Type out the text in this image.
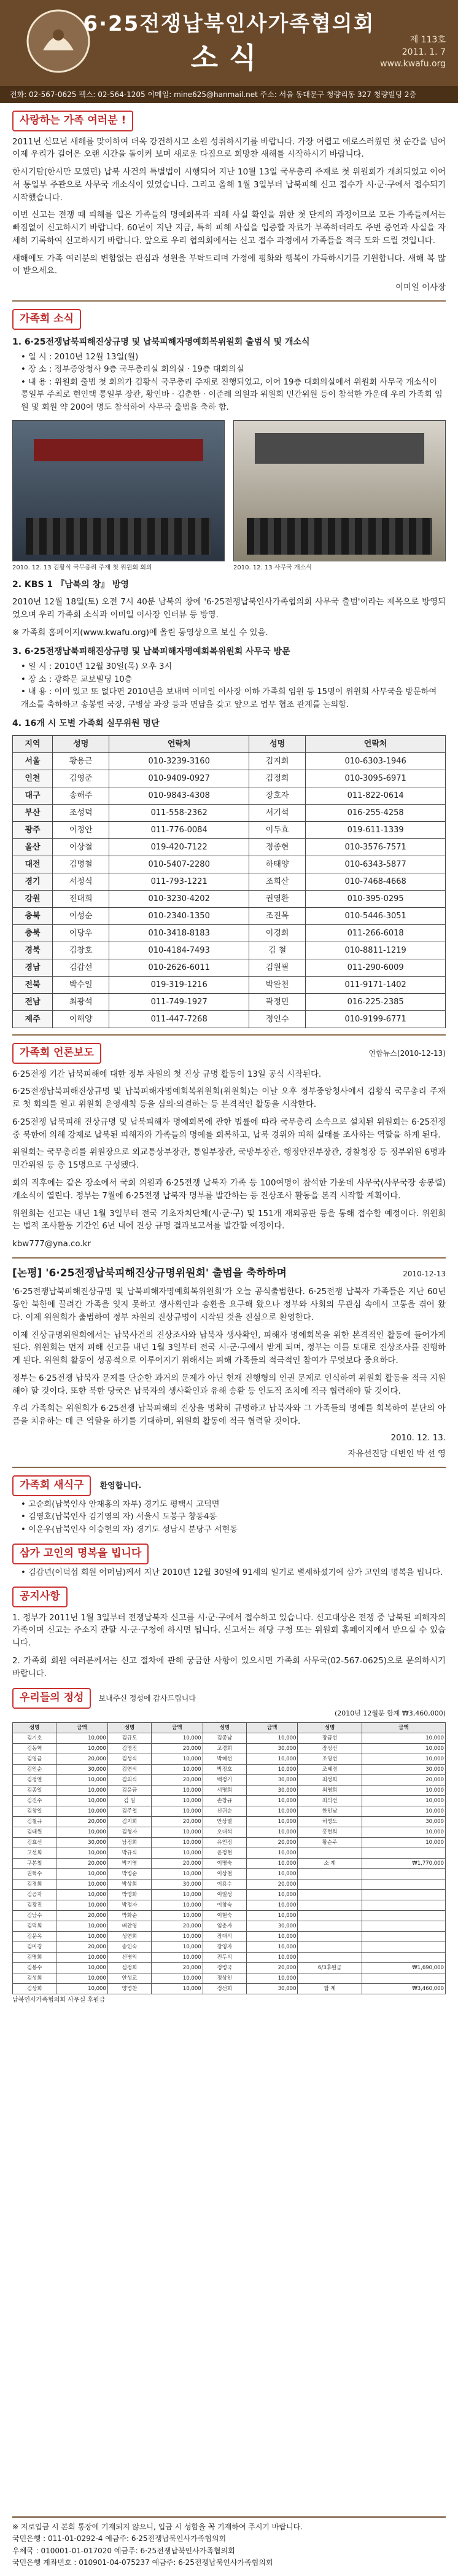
6·25전쟁납북인사가족협의회
소식
제 113호
2011. 1. 7
www.kwafu.org
전화: 02-567-0625 팩스: 02-564-1205 이메일: mine625@hanmail.net 주소: 서울 동대문구 청량리동 327 청량빌딩 2층
사랑하는 가족 여러분 !

2011년 신묘년 새해를 맞이하여 더욱 강건하시고 소원 성취하시기를 바랍니다. 가장 어렵고 애로스러웠던 첫 순간을 넘어 이제 우리가 걸어온 오랜 시간을 돌이켜 보며 새로운 다짐으로 희망찬 새해를 시작하시기 바랍니다.

한시기탐(한시만 모였던) 납북 사건의 특별법이 시행되어 지난 10월 13일 국무총리 주재로 첫 위원회가 개최되었고 이어서 통일부 주관으로 사무국 개소식이 있었습니다. 그리고 올해 1월 3일부터 납북피해 신고 접수가 시·군·구에서 접수되기 시작했습니다.

이번 신고는 전쟁 때 피해를 입은 가족들의 명예회복과 피해 사실 확인을 위한 첫 단계의 과정이므로 모든 가족들께서는 빠짐없이 신고하시기 바랍니다. 60년이 지난 지금, 특히 피해 사실을 입증할 자료가 부족하더라도 주변 증언과 사실을 자세히 기록하여 신고하시기 바랍니다. 앞으로 우리 협의회에서는 신고 접수 과정에서 가족들을 적극 도와 드릴 것입니다.

새해에도 가족 여러분의 변함없는 관심과 성원을 부탁드리며 가정에 평화와 행복이 가득하시기를 기원합니다. 새해 복 많이 받으세요.

이미일 이사장
가족회 소식
1. 6·25전쟁납북피해진상규명 및 납북피해자명예회복위원회 출범식 및 개소식
• 일 시 : 2010년 12월 13일(월)
• 장 소 : 정부중앙청사 9층 국무총리실 회의실 · 19층 대회의실
• 내 용 : 위원회 출범 첫 회의가 김황식 국무총리 주재로 진행되었고, 이어 19층 대회의실에서 위원회 사무국 개소식이 통일부 주최로 현인택 통일부 장관, 황인바 · 김춘한 · 이준례 의원과 위원회 민간위원 등이 참석한 가운데 우리 가족회 임원 및 회원 약 200여 명도 참석하여 사무국 출범을 축하 함.
2010. 12. 13 김황식 국무총리 주재 첫 위원회 회의	2010. 12. 13 사무국 개소식
2. KBS 1 『남북의 창』 방영

2010년 12월 18일(토) 오전 7시 40분 남북의 창에 '6·25전쟁납북인사가족협의회 사무국 출범'이라는 제목으로 방영되었으며 우리 가족회 소식과 이미일 이사장 인터뷰 등 방영.

※ 가족회 홈페이지(www.kwafu.org)에 올린 동영상으로 보실 수 있음.

3. 6·25전쟁납북피해진상규명 및 납북피해자명예회복위원회 사무국 방문
• 일 시 : 2010년 12월 30일(목) 오후 3시
• 장 소 : 광화문 교보빌딩 10층
• 내 용 : 이미 있고 또 없다면 2010년을 보내며 이미일 이사장 이하 가족회 임원 등 15명이 위원회 사무국을 방문하여 개소를 축하하고 송봉렬 국장, 구병삼 과장 등과 면담을 갖고 앞으로 업무 협조 관계를 논의함.
4. 16개 시 도별 가족회 실무위원 명단
지역	성명	연락처	성명	연락처
서울	황용근	010-3239-3160	김지희	010-6303-1946
인천	김영준	010-9409-0927	김정희	010-3095-6971
대구	송해주	010-9843-4308	장호자	011-822-0614
부산	조성덕	011-558-2362	서기석	016-255-4258
광주	이정안	011-776-0084	이두효	019-611-1339
울산	이상철	019-420-7122	정종현	010-3576-7571
대전	김명철	010-5407-2280	하태양	010-6343-5877
경기	서정식	011-793-1221	조희산	010-7468-4668
강원	전대희	010-3230-4202	권영환	010-395-0295
충북	이성순	010-2340-1350	조진목	010-5446-3051
충북	이당우	010-3418-8183	이경희	011-266-6018
경북	김창호	010-4184-7493	김 철	010-8811-1219
경남	김갑선	010-2626-6011	김원필	011-290-6009
전북	박수일	019-319-1216	박완천	011-9171-1402
전남	최광석	011-749-1927	곽정민	016-225-2385
제주	이해양	011-447-7268	정인수	010-9199-6771
가족회 언론보도	연합뉴스(2010-12-13)

6·25전쟁 기간 납북피해에 대한 정부 차원의 첫 진상 규명 활동이 13일 공식 시작된다.

6·25전쟁납북피해진상규명 및 납북피해자명예회복위원회(위원회)는 이날 오후 정부중앙청사에서 김황식 국무총리 주재로 첫 회의를 열고 위원회 운영세칙 등을 심의·의결하는 등 본격적인 활동을 시작한다.

6·25전쟁 납북피해 진상규명 및 납북피해자 명예회복에 관한 법률에 따라 국무총리 소속으로 설치된 위원회는 6·25전쟁 중 북한에 의해 강제로 납북된 피해자와 가족들의 명예를 회복하고, 납북 경위와 피해 실태를 조사하는 역할을 하게 된다.

위원회는 국무총리를 위원장으로 외교통상부장관, 통일부장관, 국방부장관, 행정안전부장관, 경찰청장 등 정부위원 6명과 민간위원 등 총 15명으로 구성됐다.

회의 직후에는 같은 장소에서 국회 의원과 6·25전쟁 납북자 가족 등 100여명이 참석한 가운데 사무국(사무국장 송봉렬) 개소식이 열린다. 정부는 7월에 6·25전쟁 납북자 명부를 발간하는 등 진상조사 활동을 본격 시작할 계획이다.

위원회는 신고는 내년 1월 3일부터 전국 기초자치단체(시·군·구) 및 151개 재외공관 등을 통해 접수할 예정이다. 위원회는 법적 조사활동 기간인 6년 내에 진상 규명 결과보고서를 발간할 예정이다.

kbw777@yna.co.kr

[논평] '6·25전쟁납북피해진상규명위원회' 출범을 축하하며	2010-12-13

'6·25전쟁납북피해진상규명 및 납북피해자명예회복위원회'가 오늘 공식출범한다. 6·25전쟁 납북자 가족들은 지난 60년 동안 북한에 끌려간 가족을 잊지 못하고 생사확인과 송환을 요구해 왔으나 정부와 사회의 무관심 속에서 고통을 겪어 왔다. 이제 위원회가 출범하여 정부 차원의 진상규명이 시작된 것을 진심으로 환영한다.

이제 진상규명위원회에서는 납북사건의 진상조사와 납북자 생사확인, 피해자 명예회복을 위한 본격적인 활동에 들어가게 된다. 위원회는 먼저 피해 신고를 내년 1월 3일부터 전국 시·군·구에서 받게 되며, 정부는 이를 토대로 진상조사를 진행하게 된다. 위원회 활동이 성공적으로 이루어지기 위해서는 피해 가족들의 적극적인 참여가 무엇보다 중요하다.

정부는 6·25전쟁 납북자 문제를 단순한 과거의 문제가 아닌 현재 진행형의 인권 문제로 인식하여 위원회 활동을 적극 지원해야 할 것이다. 또한 북한 당국은 납북자의 생사확인과 유해 송환 등 인도적 조치에 적극 협력해야 할 것이다.

우리 가족회는 위원회가 6·25전쟁 납북피해의 진상을 명확히 규명하고 납북자와 그 가족들의 명예를 회복하여 분단의 아픔을 치유하는 데 큰 역할을 하기를 기대하며, 위원회 활동에 적극 협력할 것이다.

2010. 12. 13.
자유선진당 대변인 박 선 영
가족회 새식구 환영합니다.
• 고순희(납북인사 안재홍의 자부) 경기도 평택시 고덕면
• 김영호(납북인사 김기영의 자) 서울시 도봉구 창동4동
• 이운우(납북인사 이승헌의 자) 경기도 성남시 분당구 서현동
삼가 고인의 명복을 빕니다
• 김갑년(이덕섭 회원 어머님)께서 지난 2010년 12월 30일에 91세의 일기로 별세하셨기에 삼가 고인의 명복을 빕니다.
공지사항

1. 정부가 2011년 1월 3일부터 전쟁납북자 신고를 시·군·구에서 접수하고 있습니다. 신고대상은 전쟁 중 납북된 피해자의 가족이며 신고는 주소지 관할 시·군·구청에 하시면 됩니다. 신고서는 해당 구청 또는 위원회 홈페이지에서 받으실 수 있습니다.

2. 가족회 회원 여러분께서는 신고 절차에 관해 궁금한 사항이 있으시면 가족회 사무국(02-567-0625)으로 문의하시기 바랍니다.

우리들의 정성 보내주신 정성에 감사드립니다
(2010년 12월분 합계 ₩3,460,000)
성명	금액	성명	금액	성명	금액	성명	금액
김기호	10,000	김규도	10,000	김종남	10,000	장금선	10,000
김동혁	10,000	김명진	20,000	고경희	30,000	장성선	10,000
김영금	20,000	김성식	10,000	박혜선	10,000	조영선	10,000
김인순	30,000	김연식	10,000	박정호	10,000	조혜경	30,000
김정열	10,000	김외식	20,000	백정기	30,000	최성희	20,000
김종일	10,000	김윤금	10,000	서명희	30,000	최영희	10,000
김진수	10,000	김 일	10,000	손창규	10,000	최의선	10,000
김창일	10,000	김주철	10,000	신귀순	10,000	한인남	10,000
김철규	20,000	김지희	20,000	안상열	10,000	허영도	30,000
김태원	10,000	김형자	10,000	오대석	10,000	홍현희	10,000
김효선	30,000	남정희	10,000	유인정	20,000	황순주	10,000
고선희	10,000	박규식	10,000	윤정현	10,000		
구본철	20,000	박기영	20,000	이명숙	10,000	소 계	₩1,770,000
권혁수	10,000	박병순	10,000	이상철	10,000		
김경희	10,000	박상희	30,000	이용수	20,000		
김공자	10,000	박영화	10,000	이일성	10,000		
김광진	10,000	박정자	10,000	이창숙	10,000		
김남수	20,000	박화순	10,000	이현숙	10,000		
김덕희	10,000	배찬영	20,000	임춘자	30,000		
김문옥	10,000	성연희	10,000	장대식	10,000		
김미경	20,000	송인숙	10,000	장영자	10,000		
김명희	10,000	신병익	10,000	전두식	10,000		
김봉수	10,000	심정희	20,000	정병국	20,000	6/3후원금	₩1,690,000
김성희	10,000	안성교	10,000	정상인	10,000		
김상희	10,000	양병찬	10,000	정선희	30,000	합 계	₩3,460,000
납북인사가족협의회 사무실 후원금
※ 지로입금 시 본회 통장에 기재되지 않으니, 입금 시 성함을 꼭 기재하여 주시기 바랍니다.
국민은행 : 011-01-0292-4 예금주: 6·25전쟁납북인사가족협의회
우체국 : 010001-01-017020 예금주: 6·25전쟁납북인사가족협의회
국민은행 계좌번호 : 010901-04-075237 예금주: 6·25전쟁납북인사가족협의회
